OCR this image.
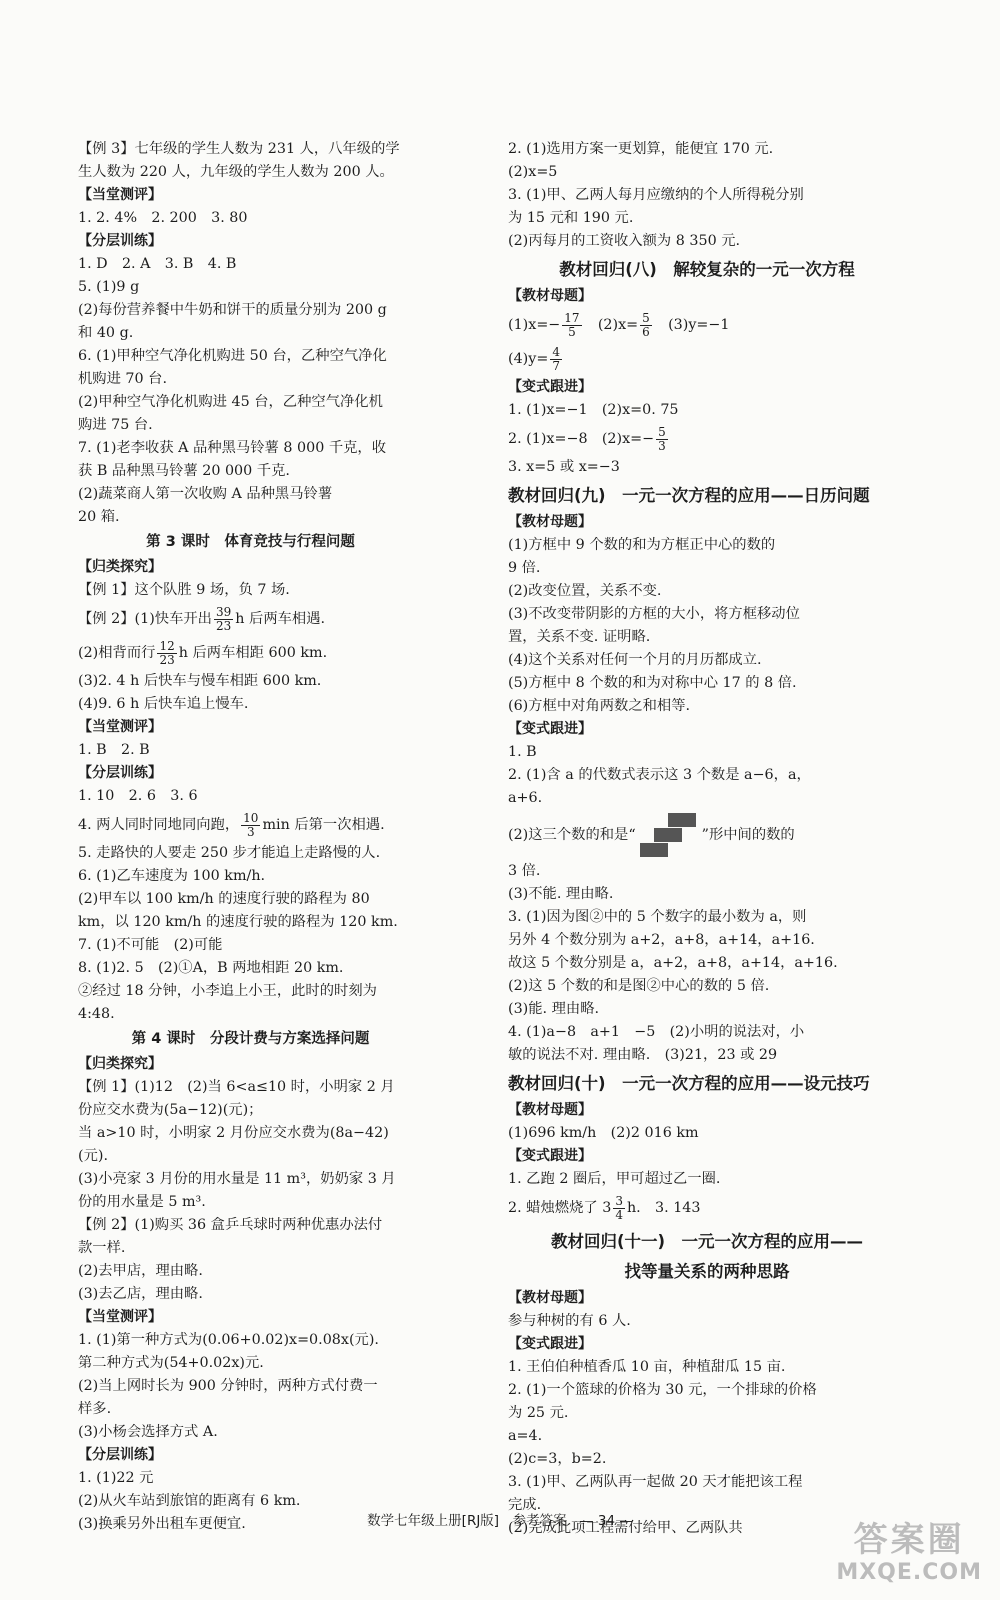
【例 3】七年级的学生人数为 231 人，八年级的学
生人数为 220 人，九年级的学生人数为 200 人。
【 当堂测评 】
1. 2. 4%　2. 200　3. 80
【 分层训练 】
1. D　2. A　3. B　4. B
5. (1)9 g
(2)每份营养餐中牛奶和饼干的质量分别为 200 g
和 40 g.
6. (1)甲种空气净化机购进 50 台，乙种空气净化
机购进 70 台.
(2)甲种空气净化机购进 45 台，乙种空气净化机
购进 75 台.
7. (1)老李收获 A 品种黑马铃薯 8 000 千克，收
获 B 品种黑马铃薯 20 000 千克.
(2)蔬菜商人第一次收购 A 品种黑马铃薯
20 箱.
第 3 课时　体育竞技与行程问题
【 归类探究 】
【例 1】这个队胜 9 场，负 7 场.
【例 2】(1)快车开出 $\frac{39}{23}$ h 后两车相遇.
(2)相背而行 $\frac{12}{23}$ h 后两车相距 600 km.
(3)2. 4 h 后快车与慢车相距 600 km.
(4)9. 6 h 后快车追上慢车.
【 当堂测评 】
1. B　2. B
【 分层训练 】
1. 10　2. 6　3. 6
4. 两人同时同地同向跑， $\frac{10}{3}$ min 后第一次相遇.
5. 走路快的人要走 250 步才能追上走路慢的人.
6. (1)乙车速度为 100 km/h.
(2)甲车以 100 km/h 的速度行驶的路程为 80
km，以 120 km/h 的速度行驶的路程为 120 km.
7. (1)不可能　(2)可能
8. (1)2. 5　(2)①A，B 两地相距 20 km.
②经过 18 分钟，小李追上小王，此时的时刻为
4:48.
第 4 课时　分段计费与方案选择问题
【 归类探究 】
【例 1】(1)12　(2)当 6<a≤10 时，小明家 2 月
份应交水费为(5a−12)(元)；
当 a>10 时，小明家 2 月份应交水费为(8a−42)
(元).
(3)小亮家 3 月份的用水量是 11 m³，奶奶家 3 月
份的用水量是 5 m³.
【例 2】(1)购买 36 盒乒乓球时两种优惠办法付
款一样.
(2)去甲店，理由略.
(3)去乙店，理由略.
【 当堂测评 】
1. (1)第一种方式为(0.06+0.02)x=0.08x(元).
第二种方式为(54+0.02x)元.
(2)当上网时长为 900 分钟时，两种方式付费一
样多.
(3)小杨会选择方式 A.
【 分层训练 】
1. (1)22 元
(2)从火车站到旅馆的距离有 6 km.
(3)换乘另外出租车更便宜.
2. (1)选用方案一更划算，能便宜 170 元.
(2)x=5
3. (1)甲、乙两人每月应缴纳的个人所得税分别
为 15 元和 190 元.
(2)丙每月的工资收入额为 8 350 元.
教材回归(八)　解较复杂的一元一次方程
【 教材母题 】
$(1)x=- \frac{17}{5}$ 　$(2)x= \frac{5}{6}$ 　(3)y=−1
$(4)y= \frac{4}{7}$
【 变式跟进 】
1. (1)x=−1　(2)x=0. 75
2. (1)x=−8　$(2)x=- \frac{5}{3}$
3. x=5 或 x=−3
教材回归(九)　一元一次方程的应用——日历问题
【 教材母题 】
(1)方框中 9 个数的和为方框正中心的数的
9 倍.
(2)改变位置，关系不变.
(3)不改变带阴影的方框的大小，将方框移动位
置，关系不变. 证明略.
(4)这个关系对任何一个月的月历都成立.
(5)方框中 8 个数的和为对称中心 17 的 8 倍.
(6)方框中对角两数之和相等.
【 变式跟进 】
1. B
2. (1)含 a 的代数式表示这 3 个数是 a−6，a，
a+6.
(2)这三个数的和是“	”形中间的数的
3 倍.
(3)不能. 理由略.
3. (1)因为图②中的 5 个数字的最小数为 a，则
另外 4 个数分别为 a+2，a+8，a+14，a+16.
故这 5 个数分别是 a，a+2，a+8，a+14，a+16.
(2)这 5 个数的和是图②中心的数的 5 倍.
(3)能. 理由略.
4. (1)a−8　a+1　−5　(2)小明的说法对，小
敏的说法不对. 理由略.　(3)21，23 或 29
教材回归(十)　一元一次方程的应用——设元技巧
【 教材母题 】
(1)696 km/h　(2)2 016 km
【 变式跟进 】
1. 乙跑 2 圈后，甲可超过乙一圈.
2. 蜡烛燃烧了 $3 \frac{3}{4} h$.　3. 143
教材回归(十一)　一元一次方程的应用——
找等量关系的两种思路
【 教材母题 】
参与种树的有 6 人.
【 变式跟进 】
1. 王伯伯种植香瓜 10 亩，种植甜瓜 15 亩.
2. (1)一个篮球的价格为 30 元，一个排球的价格
为 25 元.
a=4.
(2)c=3，b=2.
3. (1)甲、乙两队再一起做 20 天才能把该工程
完成.
(2)完成此项工程需付给甲、乙两队共
数学七年级上册[RJ版]　参考答案　— 34 —	答案圈
MXQE.COM
